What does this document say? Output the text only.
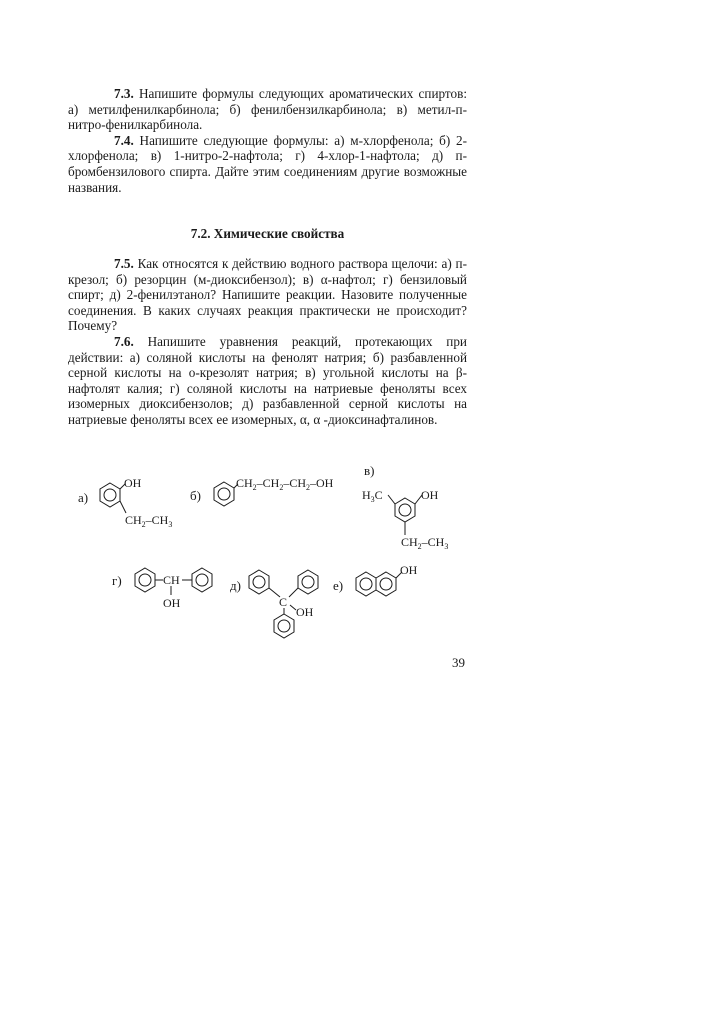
7.3. Напишите формулы следующих ароматических спиртов: а) метилфенилкарбинола; б) фенилбензилкарбинола; в) метил-п-нитро-фенилкарбинола.

7.4. Напишите следующие формулы: а) м-хлорфенола; б) 2-хлорфенола; в) 1-нитро-2-нафтола; г) 4-хлор-1-нафтола; д) п-бромбензилового спирта. Дайте этим соединениям другие возможные названия.

7.2. Химические свойства

7.5. Как относятся к действию водного раствора щелочи: а) п-крезол; б) резорцин (м-диоксибензол); в) α-нафтол; г) бензиловый спирт; д) 2-фенилэтанол? Напишите реакции. Назовите полученные соединения. В каких случаях реакция практически не происходит? Почему?

7.6. Напишите уравнения реакций, протекающих при действии: а) соляной кислоты на фенолят натрия; б) разбавленной серной кислоты на о-крезолят натрия; в) угольной кислоты на β-нафтолят калия; г) соляной кислоты на натриевые феноляты всех изомерных диоксибензолов; д) разбавленной серной кислоты на натриевые феноляты всех ее изомерных, α, α -диоксинафталинов.

а)
OH
$CH_2-CH_3$
б)
$CH_2-CH_2-CH_2-OH$
в)
$H_3C$	OH
$CH_2-CH_3$
г)	CH
OH
д)
C
OH
е)
OH
39
